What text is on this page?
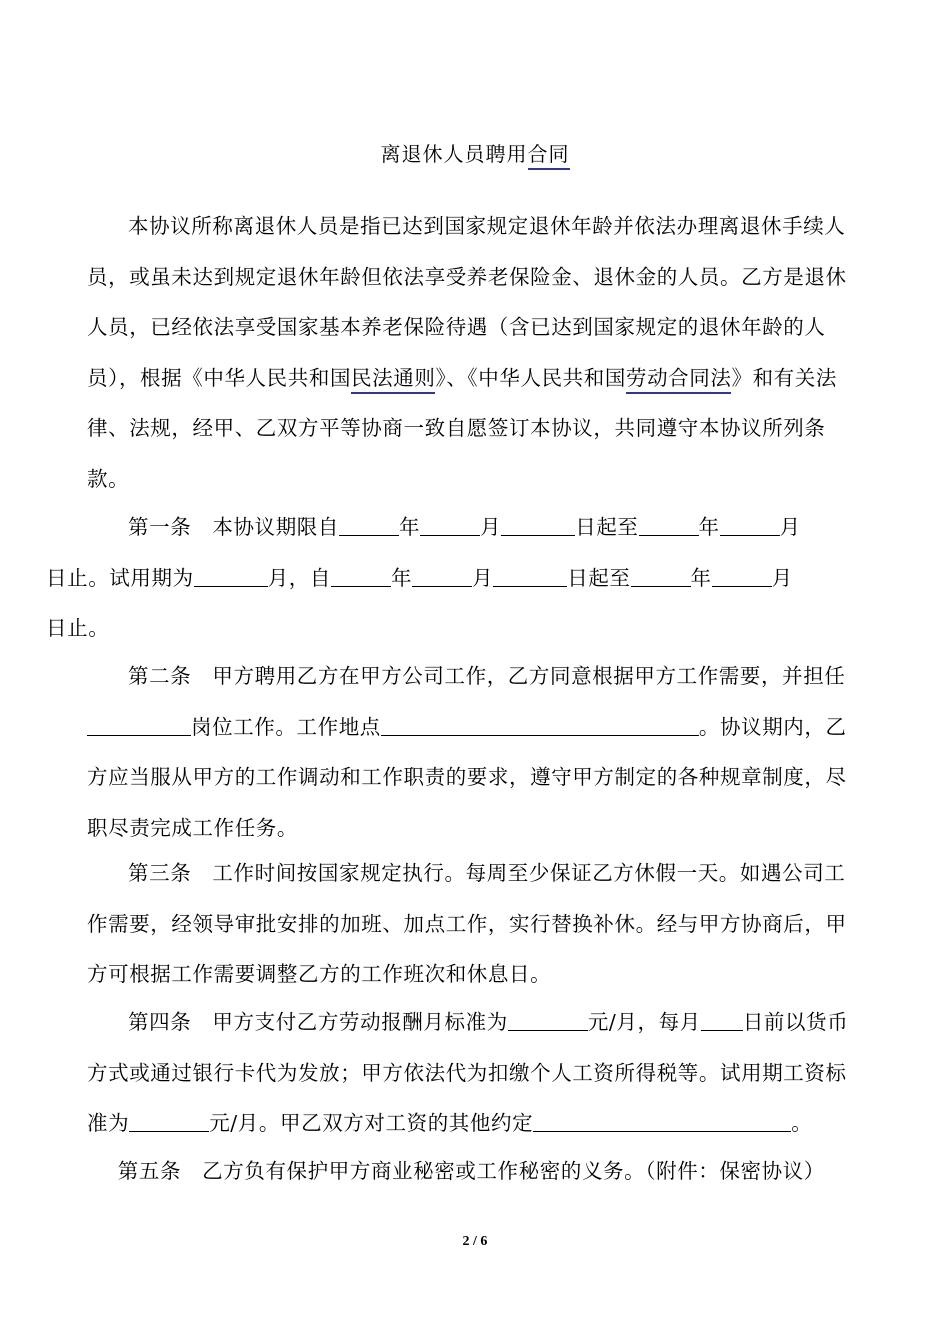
离退休人员聘用合同

本协议所称离退休人员是指已达到国家规定退休年龄并依法办理离退休手续人员，或虽未达到规定退休年龄但依法享受养老保险金、退休金的人员。乙方是退休人员，已经依法享受国家基本养老保险待遇（含已达到国家规定的退休年龄的人员），根据《中华人民共和国民法通则》、《中华人民共和国劳动合同法》和有关法律、法规，经甲、乙双方平等协商一致自愿签订本协议，共同遵守本协议所列条款。

第一条　本协议期限自	年	月	日起至	年	月
日止。试用期为	月，自	年	月	日起至	年	月
日止。

第二条　甲方聘用乙方在甲方公司工作，乙方同意根据甲方工作需要，并担任岗位工作。工作地点	。协议期内，乙方应当服从甲方的工作调动和工作职责的要求，遵守甲方制定的各种规章制度，尽职尽责完成工作任务。

第三条　工作时间按国家规定执行。每周至少保证乙方休假一天。如遇公司工作需要，经领导审批安排的加班、加点工作，实行替换补休。经与甲方协商后，甲方可根据工作需要调整乙方的工作班次和休息日。

第四条　甲方支付乙方劳动报酬月标准为	元/月，每月 日前以货币方式或通过银行卡代为发放；甲方依法代为扣缴个人工资所得税等。试用期工资标准为	元/月。甲乙双方对工资的其他约定	。

第五条　乙方负有保护甲方商业秘密或工作秘密的义务。（附件：保密协议）

2 / 6
